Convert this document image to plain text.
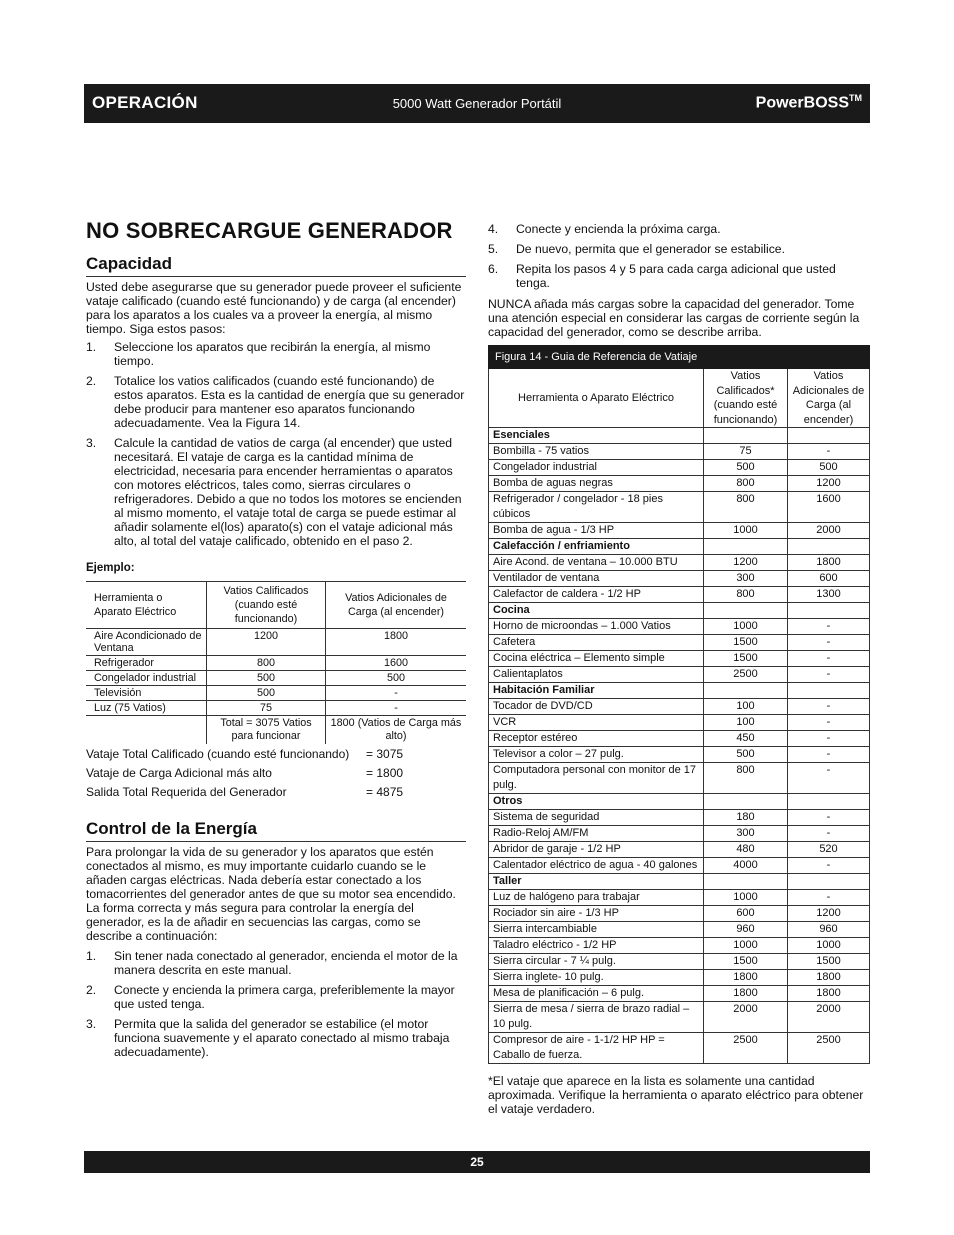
OPERACIÓN	5000 Watt Generador Portátil	PowerBOSS™
NO SOBRECARGUE GENERADOR
Capacidad

Usted debe asegurarse que su generador puede proveer el suficiente vatajе calificado (cuando esté funcionando) y de carga (al encender) para los aparatos a los cuales va a proveer la energía, al mismo tiempo. Siga estos pasos:

1.	Seleccione los aparatos que recibirán la energía, al mismo tiempo.
2.	Totalice los vatios calificados (cuando esté funcionando) de estos aparatos. Esta es la cantidad de energía que su generador debe producir para mantener eso aparatos funcionando adecuadamente. Vea la Figura 14.
3.	Calcule la cantidad de vatios de carga (al encender) que usted necesitará. El vatajе de carga es la cantidad mínima de electricidad, necesaria para encender herramientas o aparatos con motores eléctricos, tales como, sierras circulares o refrigeradores. Debido a que no todos los motores se encienden al mismo momento, el vatajе total de carga se puede estimar al añadir solamente el(los) aparato(s) con el vatajе adicional más alto, al total del vatajе calificado, obtenido en el paso 2.
Ejemplo:
Herramienta o Aparato Eléctrico	Vatios Calificados (cuando esté funcionando)	Vatios Adicionales de Carga (al encender)
Aire Acondicionado de Ventana	1200	1800
Refrigerador	800	1600
Congelador industrial	500	500
Televisión	500	-
Luz (75 Vatios)	75	-
	Total = 3075 Vatios para funcionar	1800 (Vatios de Carga más alto)
Vatajе Total Calificado (cuando esté funcionando)	= 3075
Vatajе de Carga Adicional más alto	= 1800
Salida Total Requerida del Generador	= 4875
Control de la Energía

Para prolongar la vida de su generador y los aparatos que estén conectados al mismo, es muy importante cuidarlo cuando se le añaden cargas eléctricas. Nada debería estar conectado a los tomacorrientes del generador antes de que su motor sea encendido. La forma correcta y más segura para controlar la energía del generador, es la de añadir en secuencias las cargas, como se describe a continuación:

1.	Sin tener nada conectado al generador, encienda el motor de la manera descrita en este manual.
2.	Conecte y encienda la primera carga, preferiblemente la mayor que usted tenga.
3.	Permita que la salida del generador se estabilice (el motor funciona suavemente y el aparato conectado al mismo trabaja adecuadamente).
4.	Conecte y encienda la próxima carga.
5.	De nuevo, permita que el generador se estabilice.
6.	Repita los pasos 4 y 5 para cada carga adicional que usted tenga.

NUNCA añada más cargas sobre la capacidad del generador. Tome una atención especial en considerar las cargas de corriente según la capacidad del generador, como se describe arriba.

Figura 14 - Guia de Referencia de Vatiaje		
Herramienta o Aparato Eléctrico	Vatios Calificados* (cuando esté funcionando)	Vatios Adicionales de Carga (al encender)
Esenciales		
Bombilla - 75 vatios	75	-
Congelador industrial	500	500
Bomba de aguas negras	800	1200
Refrigerador / congelador - 18 pies cúbicos	800	1600
Bomba de agua - 1/3 HP	1000	2000
Calefacción / enfriamiento		
Aire Acond. de ventana – 10.000 BTU	1200	1800
Ventilador de ventana	300	600
Calefactor de caldera - 1/2 HP	800	1300
Cocina		
Horno de microondas – 1.000 Vatios	1000	-
Cafetera	1500	-
Cocina eléctrica – Elemento simple	1500	-
Calientaplatos	2500	-
Habitación Familiar		
Tocador de DVD/CD	100	-
VCR	100	-
Receptor estéreo	450	-
Televisor a color – 27 pulg.	500	-
Computadora personal con monitor de 17 pulg.	800	-
Otros		
Sistema de seguridad	180	-
Radio-Reloj AM/FM	300	-
Abridor de garaje - 1/2 HP	480	520
Calentador eléctrico de agua - 40 galones	4000	-
Taller		
Luz de halógeno para trabajar	1000	-
Rociador sin aire - 1/3 HP	600	1200
Sierra intercambiable	960	960
Taladro eléctrico - 1/2 HP	1000	1000
Sierra circular - 7 ¼ pulg.	1500	1500
Sierra inglete- 10 pulg.	1800	1800
Mesa de planificación – 6 pulg.	1800	1800
Sierra de mesa / sierra de brazo radial – 10 pulg.	2000	2000
Compresor de aire - 1-1/2 HP HP = Caballo de fuerza.	2500	2500
*El vatajе que aparece en la lista es solamente una cantidad aproximada. Verifique la herramienta o aparato eléctrico para obtener el vatajе verdadero.
25
